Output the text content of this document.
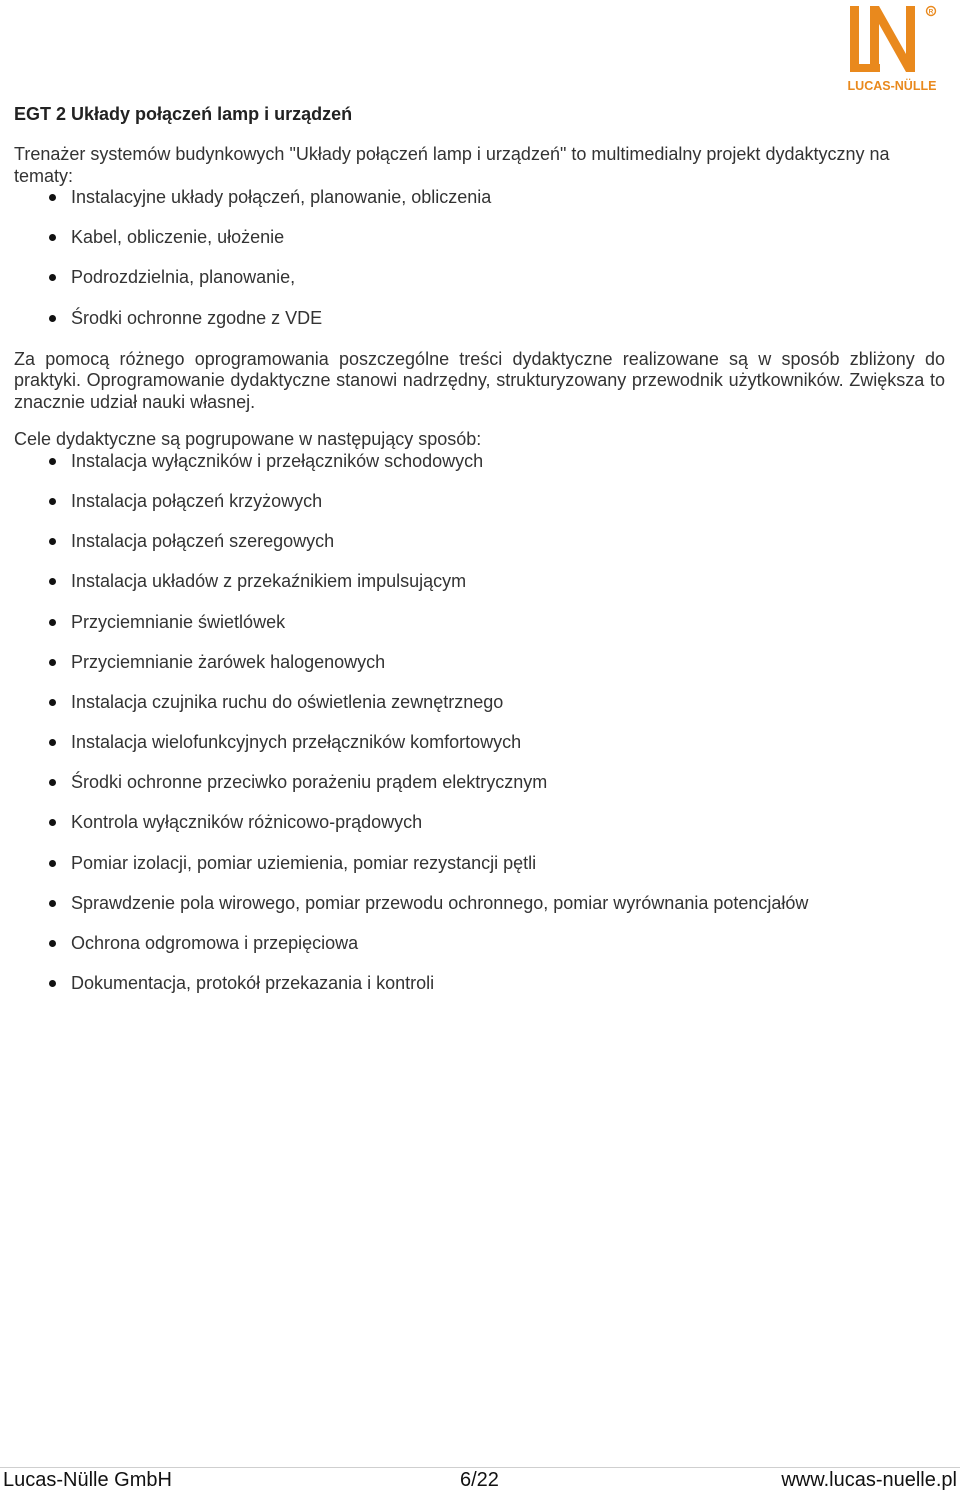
R
LUCAS-NÜLLE
EGT 2 Układy połączeń lamp i urządzeń

Trenażer systemów budynkowych "Układy połączeń lamp i urządzeń" to multimedialny projekt dydaktyczny na tematy:

Instalacyjne układy połączeń, planowanie, obliczenia
Kabel, obliczenie, ułożenie
Podrozdzielnia, planowanie,
Środki ochronne zgodne z VDE

Za pomocą różnego oprogramowania poszczególne treści dydaktyczne realizowane są w sposób zbliżony do praktyki. Oprogramowanie dydaktyczne stanowi nadrzędny, strukturyzowany przewodnik użytkowników. Zwiększa to znacznie udział nauki własnej.

Cele dydaktyczne są pogrupowane w następujący sposób:

Instalacja wyłączników i przełączników schodowych
Instalacja połączeń krzyżowych
Instalacja połączeń szeregowych
Instalacja układów z przekaźnikiem impulsującym
Przyciemnianie świetlówek
Przyciemnianie żarówek halogenowych
Instalacja czujnika ruchu do oświetlenia zewnętrznego
Instalacja wielofunkcyjnych przełączników komfortowych
Środki ochronne przeciwko porażeniu prądem elektrycznym
Kontrola wyłączników różnicowo-prądowych
Pomiar izolacji, pomiar uziemienia, pomiar rezystancji pętli
Sprawdzenie pola wirowego, pomiar przewodu ochronnego, pomiar wyrównania potencjałów
Ochrona odgromowa i przepięciowa
Dokumentacja, protokół przekazania i kontroli
Lucas-Nülle GmbH	6/22	www.lucas-nuelle.pl
